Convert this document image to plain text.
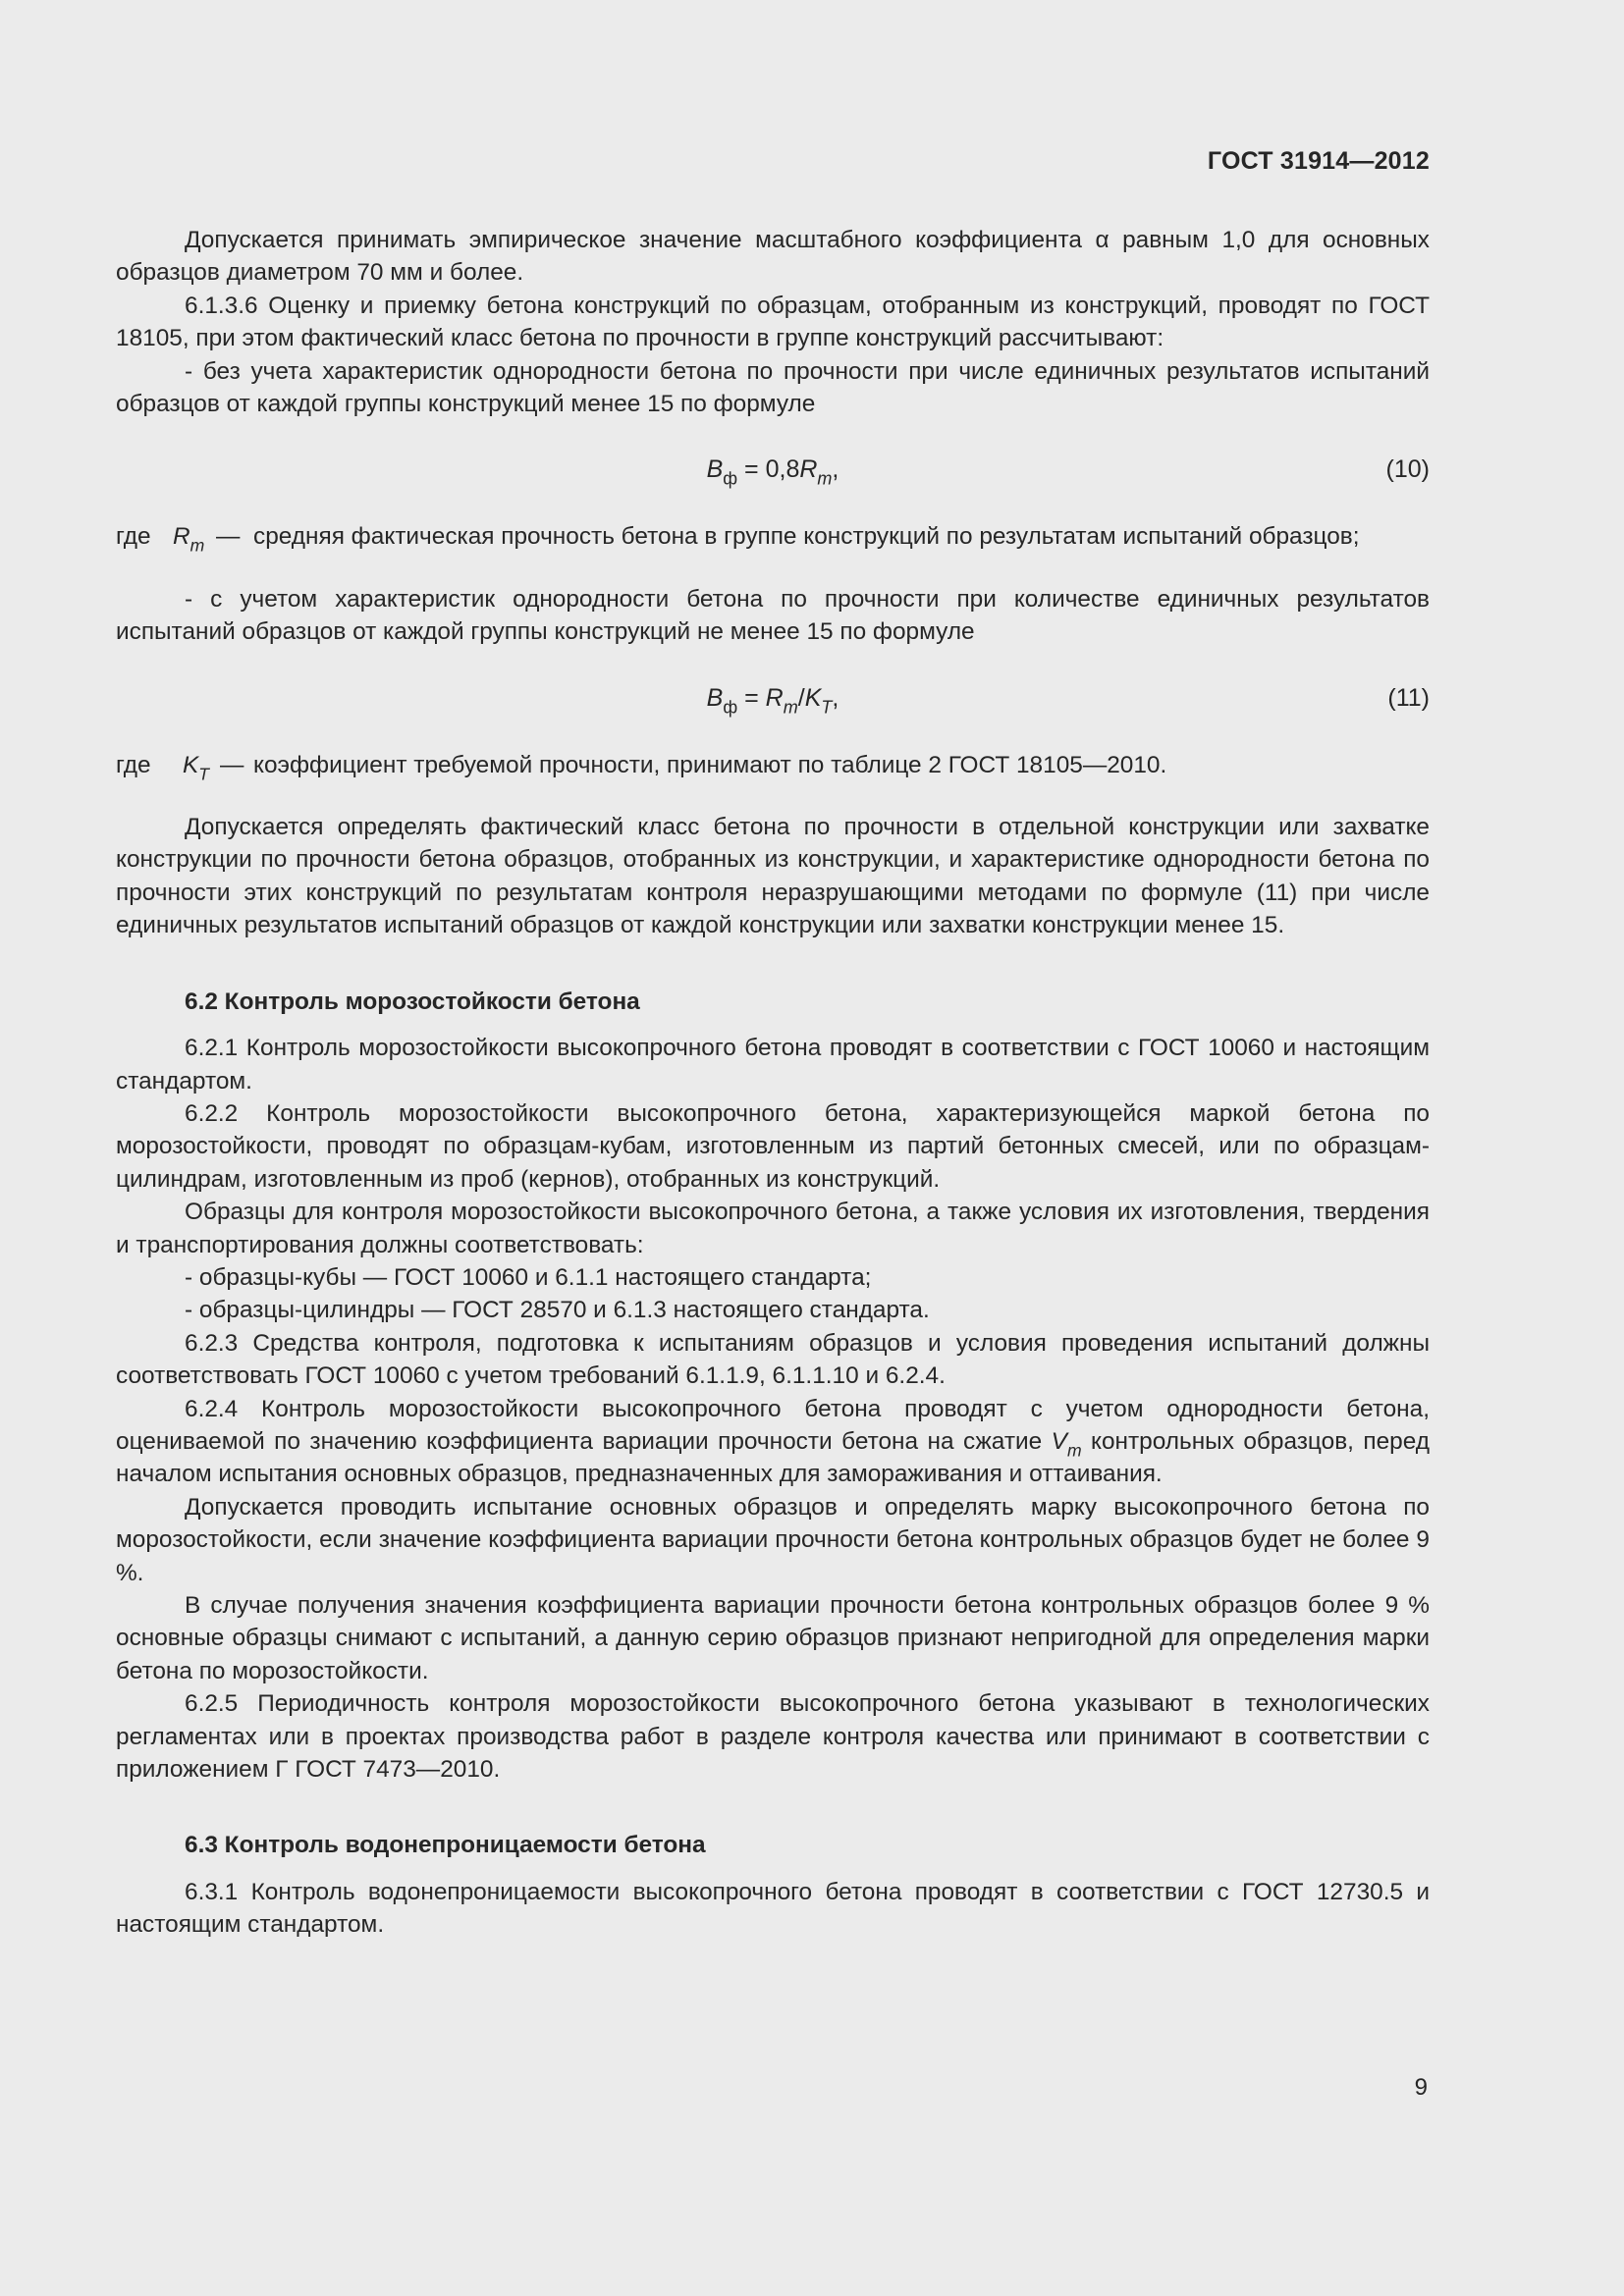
ГОСТ 31914—2012

Допускается принимать эмпирическое значение масштабного коэффициента α равным 1,0 для основных образцов диаметром 70 мм и более.

6.1.3.6 Оценку и приемку бетона конструкций по образцам, отобранным из конструкций, проводят по ГОСТ 18105, при этом фактический класс бетона по прочности в группе конструкций рассчитывают:

- без учета характеристик однородности бетона по прочности при числе единичных результатов испытаний образцов от каждой группы конструкций менее 15 по формуле

$B_ф = 0,8R_m$,	(10)
где $R_m$ — средняя фактическая прочность бетона в группе конструкций по результатам испытаний образцов;

- с учетом характеристик однородности бетона по прочности при количестве единичных результатов испытаний образцов от каждой группы конструкций не менее 15 по формуле

$B_ф = R_m/K_T$,	(11)
где $K_T$ — коэффициент требуемой прочности, принимают по таблице 2 ГОСТ 18105—2010.

Допускается определять фактический класс бетона по прочности в отдельной конструкции или захватке конструкции по прочности бетона образцов, отобранных из конструкции, и характеристике однородности бетона по прочности этих конструкций по результатам контроля неразрушающими методами по формуле (11) при числе единичных результатов испытаний образцов от каждой конструкции или захватки конструкции менее 15.

6.2 Контроль морозостойкости бетона

6.2.1 Контроль морозостойкости высокопрочного бетона проводят в соответствии с ГОСТ 10060 и настоящим стандартом.

6.2.2 Контроль морозостойкости высокопрочного бетона, характеризующейся маркой бетона по морозостойкости, проводят по образцам-кубам, изготовленным из партий бетонных смесей, или по образцам-цилиндрам, изготовленным из проб (кернов), отобранных из конструкций.

Образцы для контроля морозостойкости высокопрочного бетона, а также условия их изготовления, твердения и транспортирования должны соответствовать:

- образцы-кубы — ГОСТ 10060 и 6.1.1 настоящего стандарта;

- образцы-цилиндры — ГОСТ 28570 и 6.1.3 настоящего стандарта.

6.2.3 Средства контроля, подготовка к испытаниям образцов и условия проведения испытаний должны соответствовать ГОСТ 10060 с учетом требований 6.1.1.9, 6.1.1.10 и 6.2.4.

6.2.4 Контроль морозостойкости высокопрочного бетона проводят с учетом однородности бетона, оцениваемой по значению коэффициента вариации прочности бетона на сжатие $V_m$ контрольных образцов, перед началом испытания основных образцов, предназначенных для замораживания и оттаивания.

Допускается проводить испытание основных образцов и определять марку высокопрочного бетона по морозостойкости, если значение коэффициента вариации прочности бетона контрольных образцов будет не более 9 %.

В случае получения значения коэффициента вариации прочности бетона контрольных образцов более 9 % основные образцы снимают с испытаний, а данную серию образцов признают непригодной для определения марки бетона по морозостойкости.

6.2.5 Периодичность контроля морозостойкости высокопрочного бетона указывают в технологических регламентах или в проектах производства работ в разделе контроля качества или принимают в соответствии с приложением Г ГОСТ 7473—2010.

6.3 Контроль водонепроницаемости бетона

6.3.1 Контроль водонепроницаемости высокопрочного бетона проводят в соответствии с ГОСТ 12730.5 и настоящим стандартом.

9
